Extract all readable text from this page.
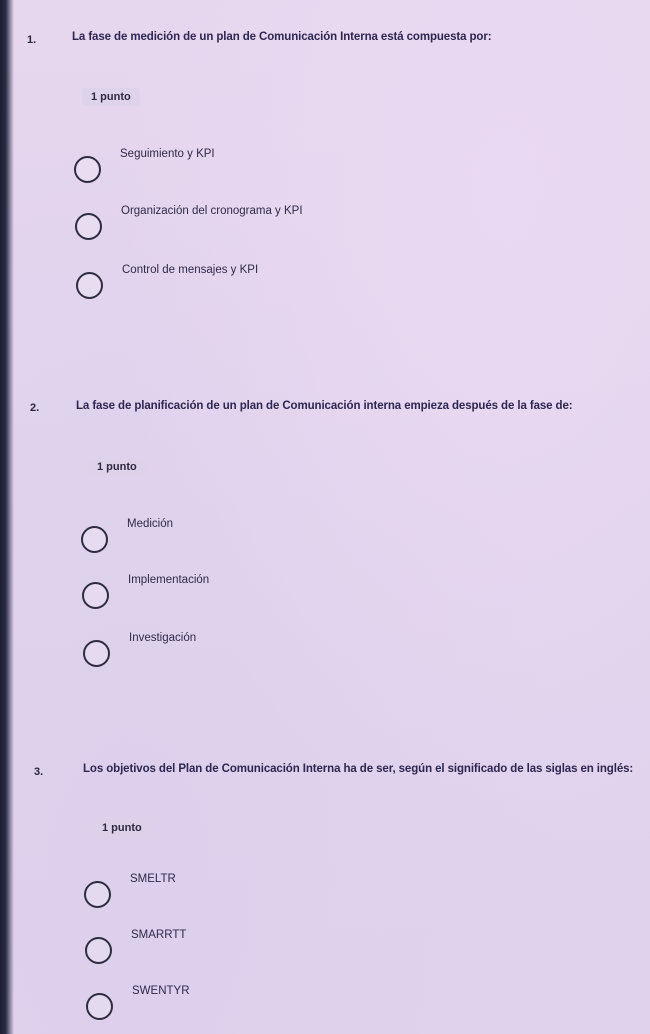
1.	La fase de medición de un plan de Comunicación Interna está compuesta por:
1 punto
Seguimiento y KPI
Organización del cronograma y KPI
Control de mensajes y KPI
2.	La fase de planificación de un plan de Comunicación interna empieza después de la fase de:
1 punto
Medición
Implementación
Investigación
3.	Los objetivos del Plan de Comunicación Interna ha de ser, según el significado de las siglas en inglés:
1 punto
SMELTR
SMARRTT
SWENTYR
